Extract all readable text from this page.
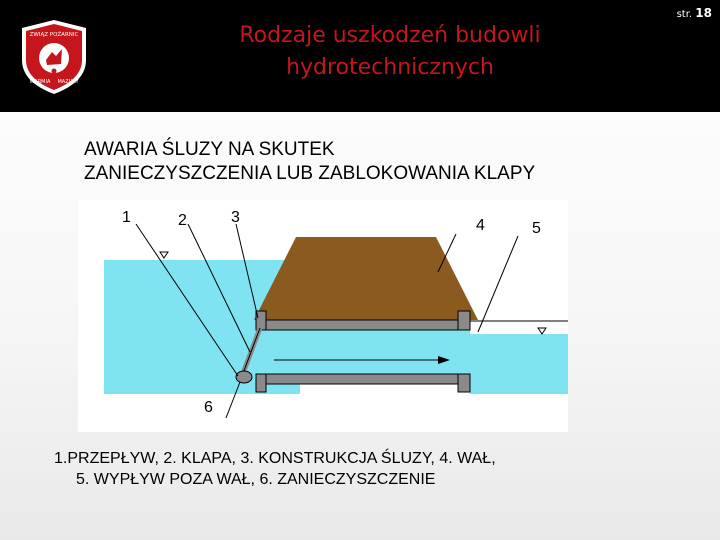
ZWIĄZ POŻARNIC
WARMIA MAZURY
Rodzaje uszkodzeń budowli
hydrotechnicznych
str. 18
AWARIA ŚLUZY NA SKUTEK
ZANIECZYSZCZENIA LUB ZABLOKOWANIA KLAPY
1	2	3	4	5
6
1.PRZEPŁYW, 2. KLAPA, 3. KONSTRUKCJA ŚLUZY, 4. WAŁ,
5. WYPŁYW POZA WAŁ, 6. ZANIECZYSZCZENIE
